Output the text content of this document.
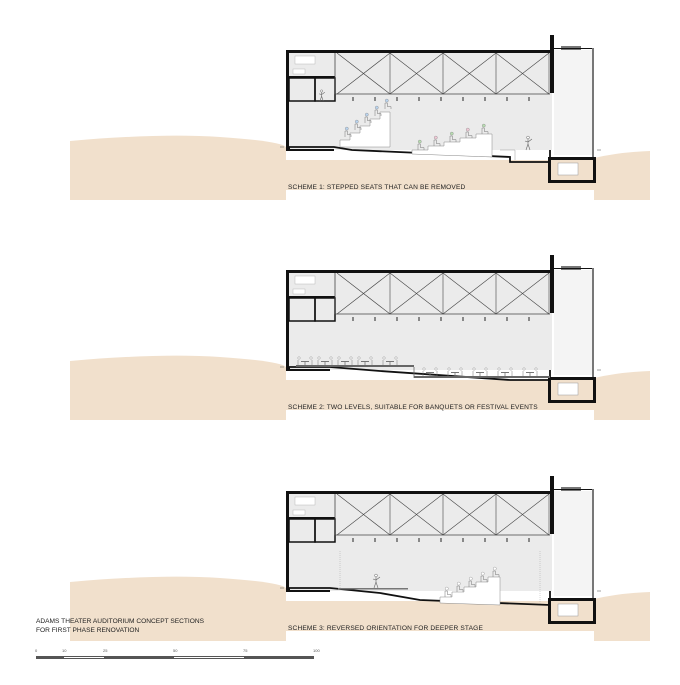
SCHEME 1: STEPPED SEATS THAT CAN BE REMOVED
SCHEME 2: TWO LEVELS, SUITABLE FOR BANQUETS OR FESTIVAL EVENTS
SCHEME 3: REVERSED ORIENTATION FOR DEEPER STAGE
ADAMS THEATER AUDITORIUM CONCEPT SECTIONS
FOR FIRST PHASE RENOVATION
0	10	25	50	75	100
